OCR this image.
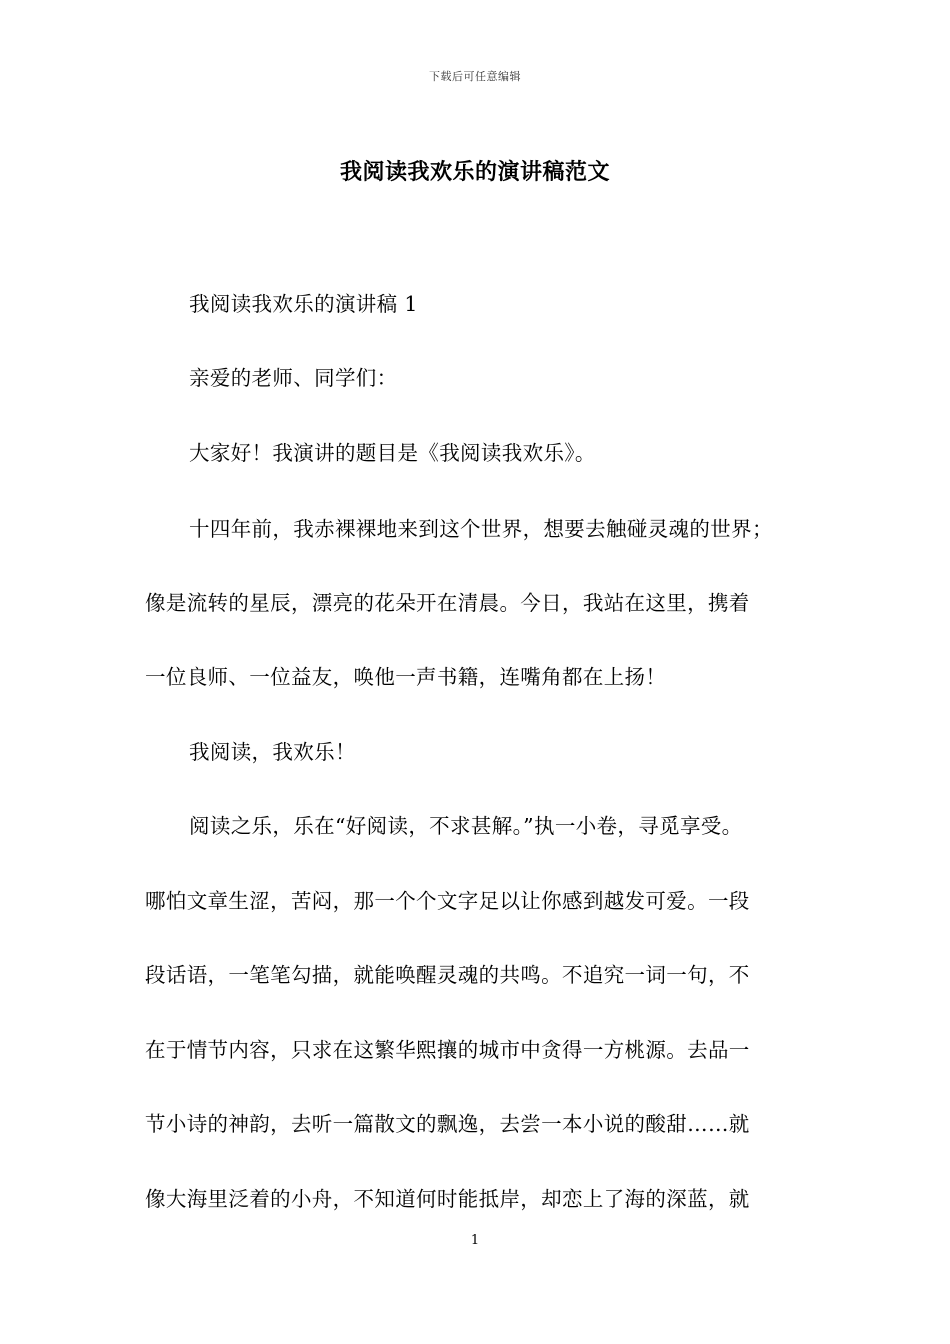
下载后可任意编辑
我阅读我欢乐的演讲稿范文
我阅读我欢乐的演讲稿 1
亲爱的老师、同学们：
大家好！我演讲的题目是《我阅读我欢乐》。
十四年前，我赤裸裸地来到这个世界，想要去触碰灵魂的世界；
像是流转的星辰，漂亮的花朵开在清晨。今日，我站在这里，携着
一位良师、一位益友，唤他一声书籍，连嘴角都在上扬！
我阅读，我欢乐！
阅读之乐，乐在“好阅读，不求甚解。”执一小卷，寻觅享受。
哪怕文章生涩，苦闷，那一个个文字足以让你感到越发可爱。一段
段话语，一笔笔勾描，就能唤醒灵魂的共鸣。不追究一词一句，不
在于情节内容，只求在这繁华熙攘的城市中贪得一方桃源。去品一
节小诗的神韵，去听一篇散文的飘逸，去尝一本小说的酸甜……就
像大海里泛着的小舟，不知道何时能抵岸，却恋上了海的深蓝，就
1
